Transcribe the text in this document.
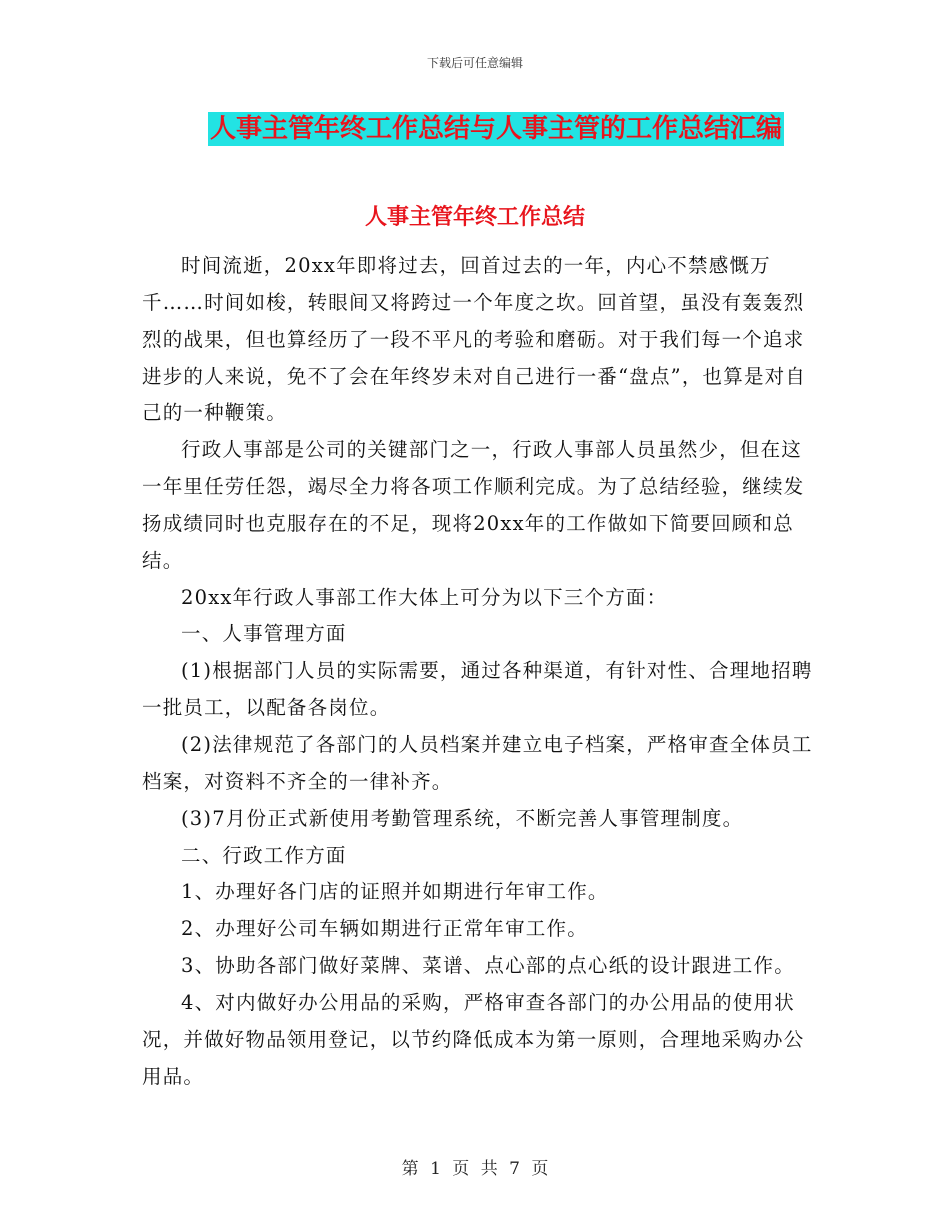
下载后可任意编辑
人事主管年终工作总结与人事主管的工作总结汇编
人事主管年终工作总结

时间流逝，20xx年即将过去，回首过去的一年，内心不禁感慨万千……时间如梭，转眼间又将跨过一个年度之坎。回首望，虽没有轰轰烈烈的战果，但也算经历了一段不平凡的考验和磨砺。对于我们每一个追求进步的人来说，免不了会在年终岁未对自己进行一番“盘点”，也算是对自己的一种鞭策。

行政人事部是公司的关键部门之一，行政人事部人员虽然少，但在这一年里任劳任怨，竭尽全力将各项工作顺利完成。为了总结经验，继续发扬成绩同时也克服存在的不足，现将20xx年的工作做如下简要回顾和总结。

20xx年行政人事部工作大体上可分为以下三个方面：

一、人事管理方面

(1)根据部门人员的实际需要，通过各种渠道，有针对性、合理地招聘一批员工，以配备各岗位。

(2)法律规范了各部门的人员档案并建立电子档案，严格审查全体员工档案，对资料不齐全的一律补齐。

(3)7月份正式新使用考勤管理系统，不断完善人事管理制度。

二、行政工作方面

1、办理好各门店的证照并如期进行年审工作。

2、办理好公司车辆如期进行正常年审工作。

3、协助各部门做好菜牌、菜谱、点心部的点心纸的设计跟进工作。

4、对内做好办公用品的采购，严格审查各部门的办公用品的使用状况，并做好物品领用登记，以节约降低成本为第一原则，合理地采购办公用品。

第 1 页 共 7 页
